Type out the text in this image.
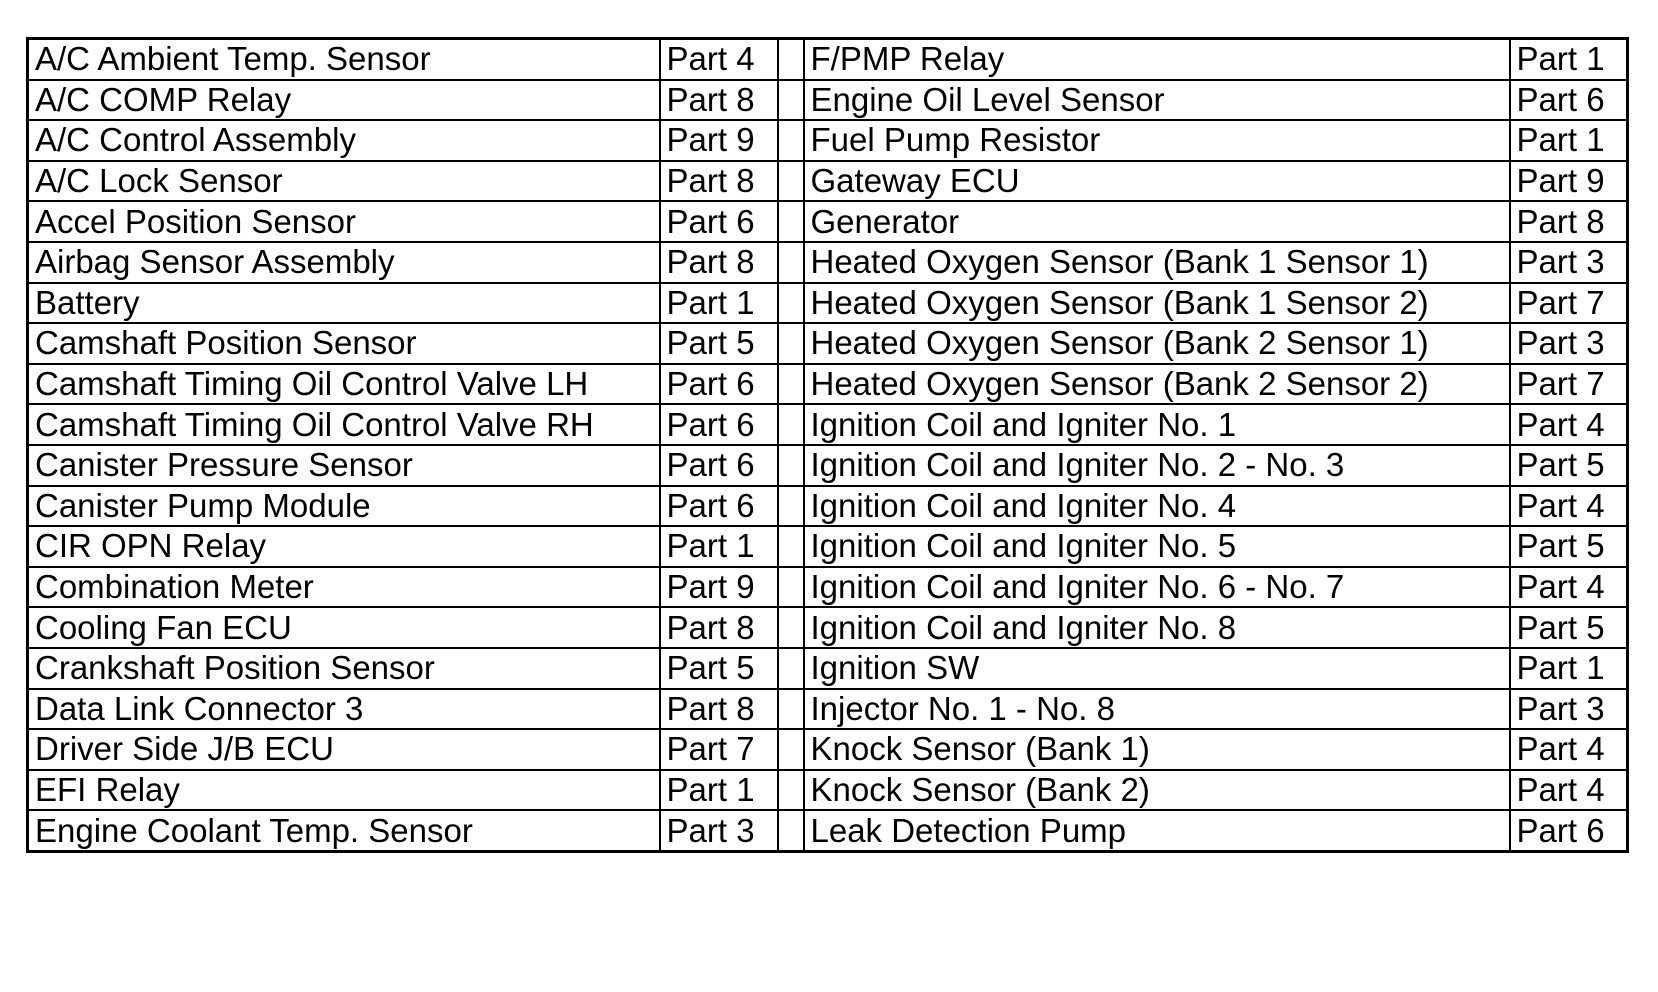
A/C Ambient Temp. Sensor	Part 4		F/PMP Relay	Part 1
A/C COMP Relay	Part 8		Engine Oil Level Sensor	Part 6
A/C Control Assembly	Part 9		Fuel Pump Resistor	Part 1
A/C Lock Sensor	Part 8		Gateway ECU	Part 9
Accel Position Sensor	Part 6		Generator	Part 8
Airbag Sensor Assembly	Part 8		Heated Oxygen Sensor (Bank 1 Sensor 1)	Part 3
Battery	Part 1		Heated Oxygen Sensor (Bank 1 Sensor 2)	Part 7
Camshaft Position Sensor	Part 5		Heated Oxygen Sensor (Bank 2 Sensor 1)	Part 3
Camshaft Timing Oil Control Valve LH	Part 6		Heated Oxygen Sensor (Bank 2 Sensor 2)	Part 7
Camshaft Timing Oil Control Valve RH	Part 6		Ignition Coil and Igniter No. 1	Part 4
Canister Pressure Sensor	Part 6		Ignition Coil and Igniter No. 2 - No. 3	Part 5
Canister Pump Module	Part 6		Ignition Coil and Igniter No. 4	Part 4
CIR OPN Relay	Part 1		Ignition Coil and Igniter No. 5	Part 5
Combination Meter	Part 9		Ignition Coil and Igniter No. 6 - No. 7	Part 4
Cooling Fan ECU	Part 8		Ignition Coil and Igniter No. 8	Part 5
Crankshaft Position Sensor	Part 5		Ignition SW	Part 1
Data Link Connector 3	Part 8		Injector No. 1 - No. 8	Part 3
Driver Side J/B ECU	Part 7		Knock Sensor (Bank 1)	Part 4
EFI Relay	Part 1		Knock Sensor (Bank 2)	Part 4
Engine Coolant Temp. Sensor	Part 3		Leak Detection Pump	Part 6
